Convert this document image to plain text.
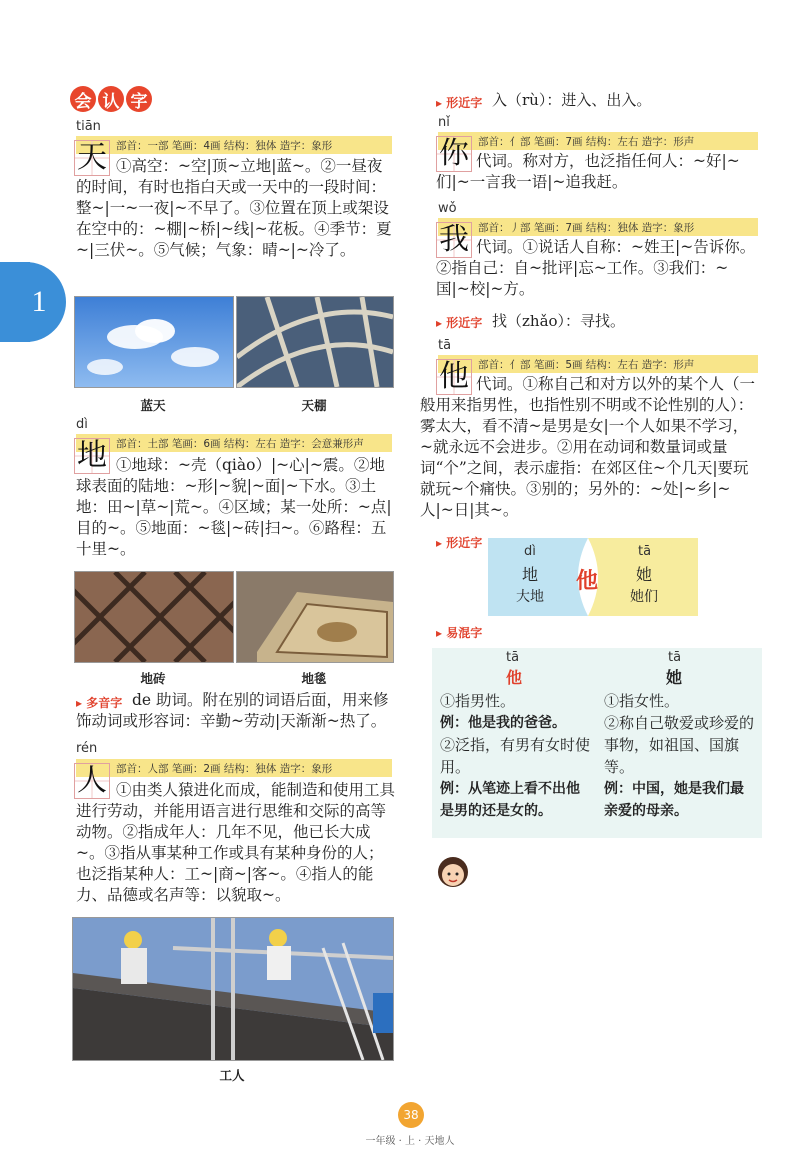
1
会 认 字
tiān
部首：一部 笔画：4画 结构：独体 造字：象形
天 ①高空：~空|顶~立地|蓝~。②一昼夜的时间，有时也指白天或一天中的一段时间：整~|一~一夜|~不早了。③位置在顶上或架设在空中的：~棚|~桥|~线|~花板。④季节：夏~|三伏~。⑤气候；气象：晴~|~冷了。
蓝天	天棚
dì
部首：土部 笔画：6画 结构：左右 造字：会意兼形声
地 ①地球：~壳（qiào）|~心|~震。②地球表面的陆地：~形|~貌|~面|~下水。③土地：田~|草~|荒~。④区域；某一处所：~点|目的~。⑤地面：~毯|~砖|扫~。⑥路程：五十里~。
地砖	地毯
▸ 多音字 de 助词。附在别的词语后面，用来修饰动词或形容词：辛勤~劳动|天渐渐~热了。
rén
部首：人部 笔画：2画 结构：独体 造字：象形
人 ①由类人猿进化而成，能制造和使用工具进行劳动，并能用语言进行思维和交际的高等动物。②指成年人：几年不见，他已长大成~。③指从事某种工作或具有某种身份的人；也泛指某种人：工~|商~|客~。④指人的能力、品德或名声等：以貌取~。
工人
▸ 形近字 入（rù）：进入、出入。
nǐ
部首：亻部 笔画：7画 结构：左右 造字：形声
你 代词。称对方，也泛指任何人：~好|~们|~一言我一语|~追我赶。
wǒ
部首：丿部 笔画：7画 结构：独体 造字：象形
我 代词。①说话人自称：~姓王|~告诉你。②指自己：自~批评|忘~工作。③我们：~国|~校|~方。
▸ 形近字 找（zhǎo）：寻找。
tā
部首：亻部 笔画：5画 结构：左右 造字：形声
他 代词。①称自己和对方以外的某个人（一般用来指男性，也指性别不明或不论性别的人）：雾太大，看不清~是男是女|一个人如果不学习，~就永远不会进步。②用在动词和数量词或量词“个”之间，表示虚指：在郊区住~个几天|要玩就玩~个痛快。③别的；另外的：~处|~乡|~人|~日|其~。
▸ 形近字
dì
地
大地
他
tā
她
她们
▸ 易混字
tā
他
tā
她
①指男性。
例：他是我的爸爸。
②泛指，有男有女时使用。
例：从笔迹上看不出他是男的还是女的。
①指女性。
②称自己敬爱或珍爱的事物，如祖国、国旗等。
例：中国，她是我们最亲爱的母亲。
38
一年级 · 上 · 天地人
